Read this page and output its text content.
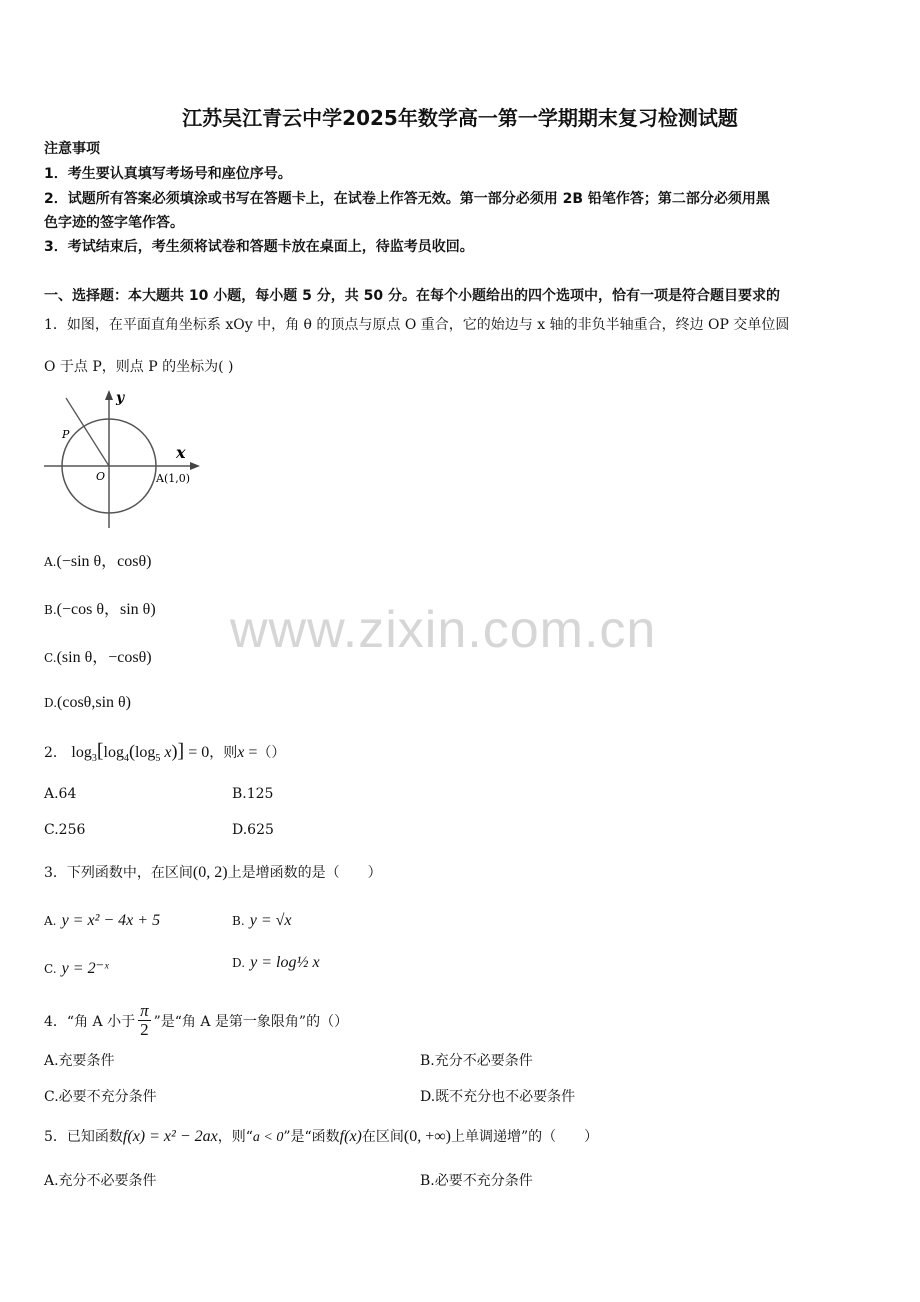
江苏吴江青云中学2025年数学高一第一学期期末复习检测试题
注意事项
1．考生要认真填写考场号和座位序号。
2．试题所有答案必须填涂或书写在答题卡上，在试卷上作答无效。第一部分必须用 2B 铅笔作答；第二部分必须用黑
色字迹的签字笔作答。
3．考试结束后，考生须将试卷和答题卡放在桌面上，待监考员收回。
一、选择题：本大题共 10 小题，每小题 5 分，共 50 分。在每个小题给出的四个选项中，恰有一项是符合题目要求的
1．如图，在平面直角坐标系 xOy 中，角 θ 的顶点与原点 O 重合，它的始边与 x 轴的非负半轴重合，终边 OP 交单位圆
O 于点 P，则点 P 的坐标为( )
y
x
P
O	A(1,0)
A.(−sin θ，cosθ)
B.(−cos θ，sin θ)
C.(sin θ，−cosθ)
D.(cosθ,sin θ)
2． $\log_3[\log_4(\log_5$ x)] = 0，则x =（）
A.64	B.125
C.256	D.625
3．下列函数中，在区间(0, 2)上是增函数的是（　　）
A. y = x² − 4x + 5	B. y = √x
C. y = 2⁻ˣ	D. y = log½ x
4．“角 A 小于 $\frac{\pi}{2}$ ”是“角 A 是第一象限角”的（）
A.充要条件	B.充分不必要条件
C.必要不充分条件	D.既不充分也不必要条件
5．已知函数f(x) = x² − 2ax，则“a < 0”是“函数f(x)在区间(0, +∞)上单调递增”的（　　）
A.充分不必要条件	B.必要不充分条件
www.zixin.com.cn
